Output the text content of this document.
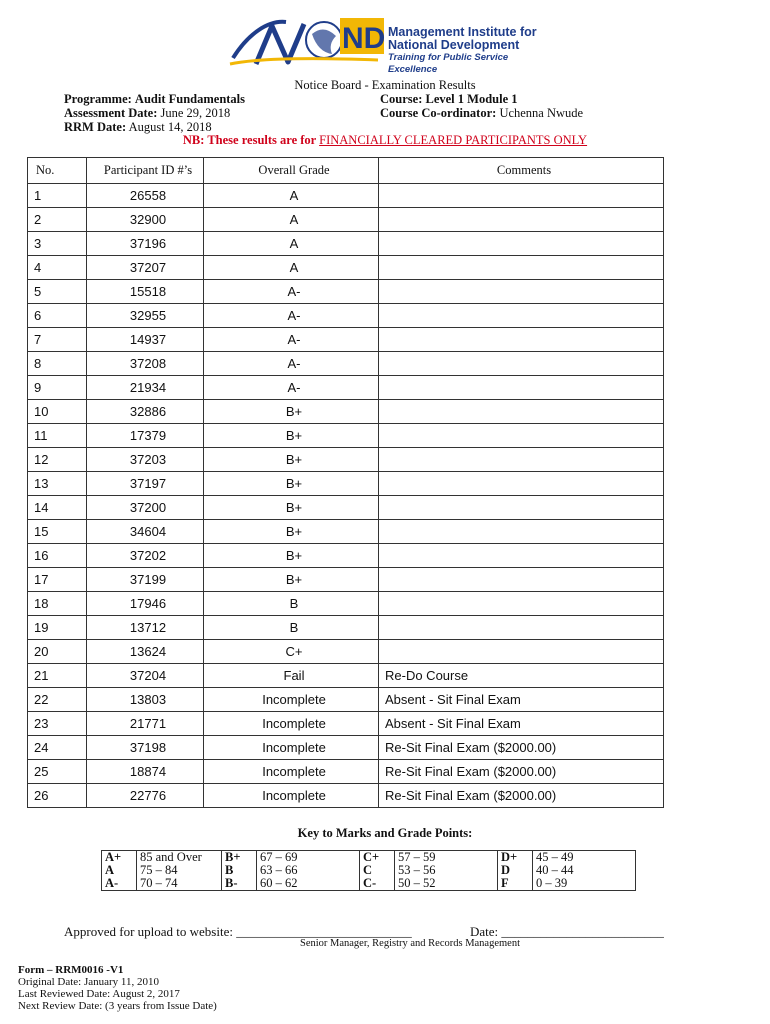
ND Management Institute for
National Development
Training for Public Service Excellence
Notice Board - Examination Results
Programme: Audit Fundamentals
Assessment Date: June 29, 2018
RRM Date: August 14, 2018
Course: Level 1 Module 1
Course Co-ordinator: Uchenna Nwude
NB: These results are for FINANCIALLY CLEARED PARTICIPANTS ONLY
No.	Participant ID #’s	Overall Grade	Comments
1	26558	A	
2	32900	A	
3	37196	A	
4	37207	A	
5	15518	A-	
6	32955	A-	
7	14937	A-	
8	37208	A-	
9	21934	A-	
10	32886	B+	
11	17379	B+	
12	37203	B+	
13	37197	B+	
14	37200	B+	
15	34604	B+	
16	37202	B+	
17	37199	B+	
18	17946	B	
19	13712	B	
20	13624	C+	
21	37204	Fail	Re-Do Course
22	13803	Incomplete	Absent - Sit Final Exam
23	21771	Incomplete	Absent - Sit Final Exam
24	37198	Incomplete	Re-Sit Final Exam ($2000.00)
25	18874	Incomplete	Re-Sit Final Exam ($2000.00)
26	22776	Incomplete	Re-Sit Final Exam ($2000.00)
Key to Marks and Grade Points:
A+	85 and Over	B+	67 – 69	C+	57 – 59	D+	45 – 49
A	75 – 84	B	63 – 66	C	53 – 56	D	40 – 44
A-	70 – 74	B-	60 – 62	C-	50 – 52	F	0 – 39
Approved for upload to website: ___________________________	Date: _________________________
Senior Manager, Registry and Records Management
Form – RRM0016 -V1
Original Date: January 11, 2010
Last Reviewed Date: August 2, 2017
Next Review Date: (3 years from Issue Date)
